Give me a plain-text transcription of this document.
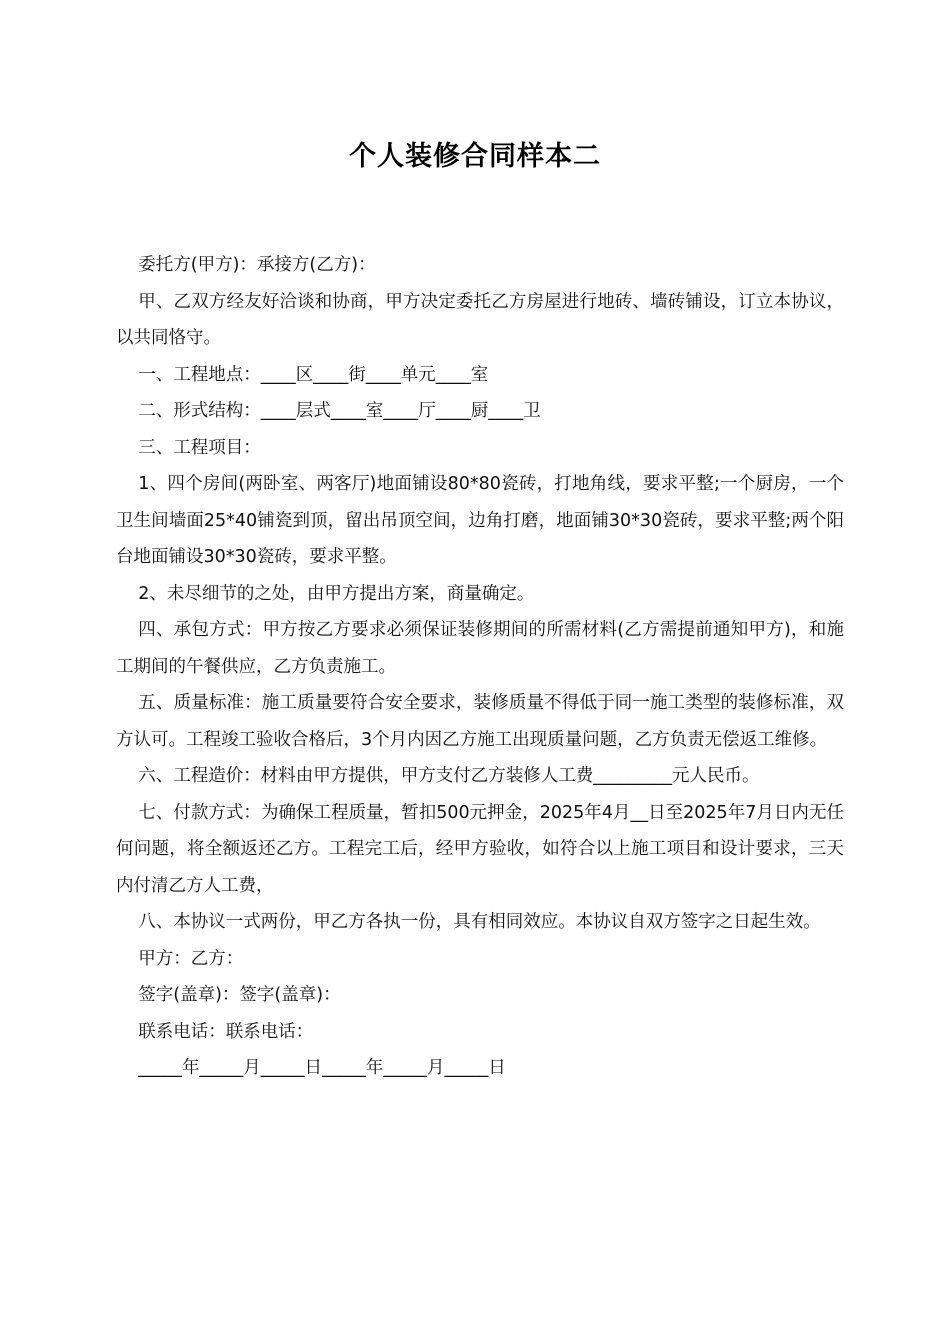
个人装修合同样本二

委托方(甲方)：承接方(乙方)：

甲、乙双方经友好洽谈和协商，甲方决定委托乙方房屋进行地砖、墙砖铺设，订立本协议，以共同恪守。

一、工程地点：____区____街____单元____室

二、形式结构：____层式____室____厅____厨____卫

三、工程项目：

1、四个房间(两卧室、两客厅)地面铺设80*80瓷砖，打地角线，要求平整;一个厨房，一个卫生间墙面25*40铺瓷到顶，留出吊顶空间，边角打磨，地面铺30*30瓷砖，要求平整;两个阳台地面铺设30*30瓷砖，要求平整。

2、未尽细节的之处，由甲方提出方案，商量确定。

四、承包方式：甲方按乙方要求必须保证装修期间的所需材料(乙方需提前通知甲方)，和施工期间的午餐供应，乙方负责施工。

五、质量标准：施工质量要符合安全要求，装修质量不得低于同一施工类型的装修标准，双方认可。工程竣工验收合格后，3个月内因乙方施工出现质量问题，乙方负责无偿返工维修。

六、工程造价：材料由甲方提供，甲方支付乙方装修人工费_________元人民币。

七、付款方式：为确保工程质量，暂扣500元押金，2025年4月__日至2025年7月日内无任何问题，将全额返还乙方。工程完工后，经甲方验收，如符合以上施工项目和设计要求，三天内付清乙方人工费，

八、本协议一式两份，甲乙方各执一份，具有相同效应。本协议自双方签字之日起生效。

甲方：乙方：

签字(盖章)：签字(盖章)：

联系电话：联系电话：

_____年_____月_____日_____年_____月_____日
